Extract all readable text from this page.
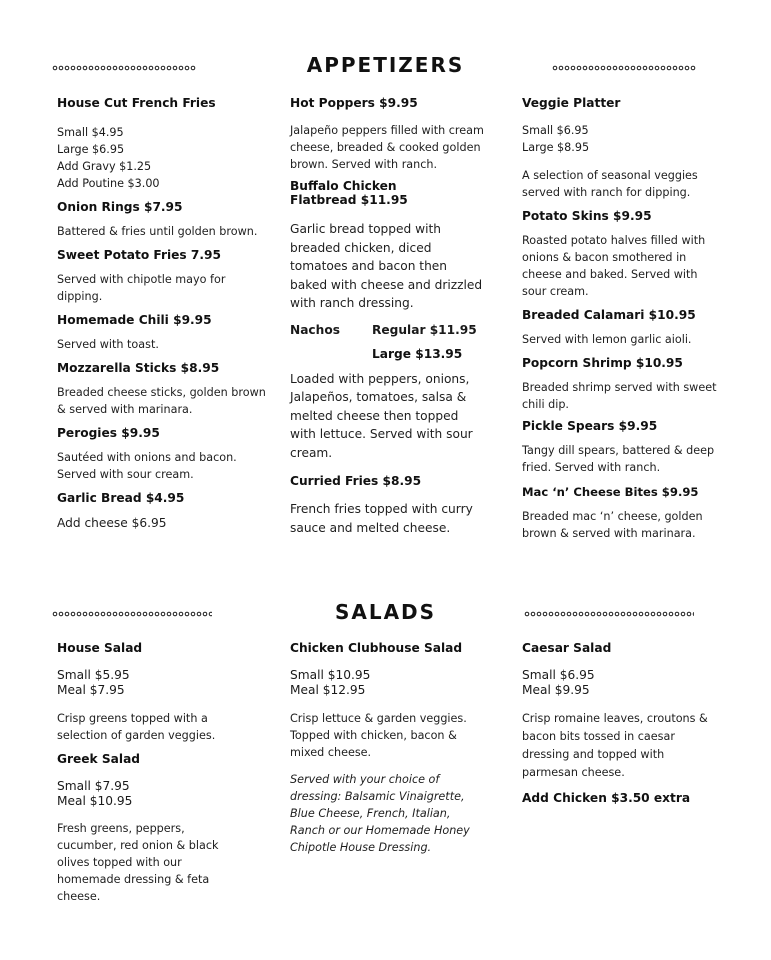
APPETIZERS
SALADS
House Cut French Fries
Small $4.95
Large $6.95
Add Gravy $1.25
Add Poutine $3.00
Onion Rings $7.95
Battered & fries until golden brown.
Sweet Potato Fries 7.95
Served with chipotle mayo for dipping.
Homemade Chili $9.95
Served with toast.
Mozzarella Sticks $8.95
Breaded cheese sticks, golden brown & served with marinara.
Perogies $9.95
Sautéed with onions and bacon. Served with sour cream.
Garlic Bread $4.95
Add cheese $6.95
Hot Poppers $9.95
Jalapeño peppers filled with cream cheese, breaded & cooked golden brown. Served with ranch.
Buffalo Chicken Flatbread $11.95
Garlic bread topped with breaded chicken, diced tomatoes and bacon then baked with cheese and drizzled with ranch dressing.
Nachos	Regular $11.95
Large $13.95
Loaded with peppers, onions, Jalapeños, tomatoes, salsa & melted cheese then topped with lettuce. Served with sour cream.
Curried Fries $8.95
French fries topped with curry sauce and melted cheese.
Veggie Platter
Small $6.95
Large $8.95
A selection of seasonal veggies served with ranch for dipping.
Potato Skins $9.95
Roasted potato halves filled with onions & bacon smothered in cheese and baked. Served with sour cream.
Breaded Calamari $10.95
Served with lemon garlic aioli.
Popcorn Shrimp $10.95
Breaded shrimp served with sweet chili dip.
Pickle Spears $9.95
Tangy dill spears, battered & deep fried. Served with ranch.
Mac ‘n’ Cheese Bites $9.95
Breaded mac ‘n’ cheese, golden brown & served with marinara.
House Salad
Small $5.95
Meal $7.95
Crisp greens topped with a selection of garden veggies.
Greek Salad
Small $7.95
Meal $10.95
Fresh greens, peppers, cucumber, red onion & black olives topped with our homemade dressing & feta cheese.
Chicken Clubhouse Salad
Small $10.95
Meal $12.95
Crisp lettuce & garden veggies. Topped with chicken, bacon & mixed cheese.
Served with your choice of dressing: Balsamic Vinaigrette, Blue Cheese, French, Italian, Ranch or our Homemade Honey Chipotle House Dressing.
Caesar Salad
Small $6.95
Meal $9.95
Crisp romaine leaves, croutons & bacon bits tossed in caesar dressing and topped with parmesan cheese.
Add Chicken $3.50 extra
